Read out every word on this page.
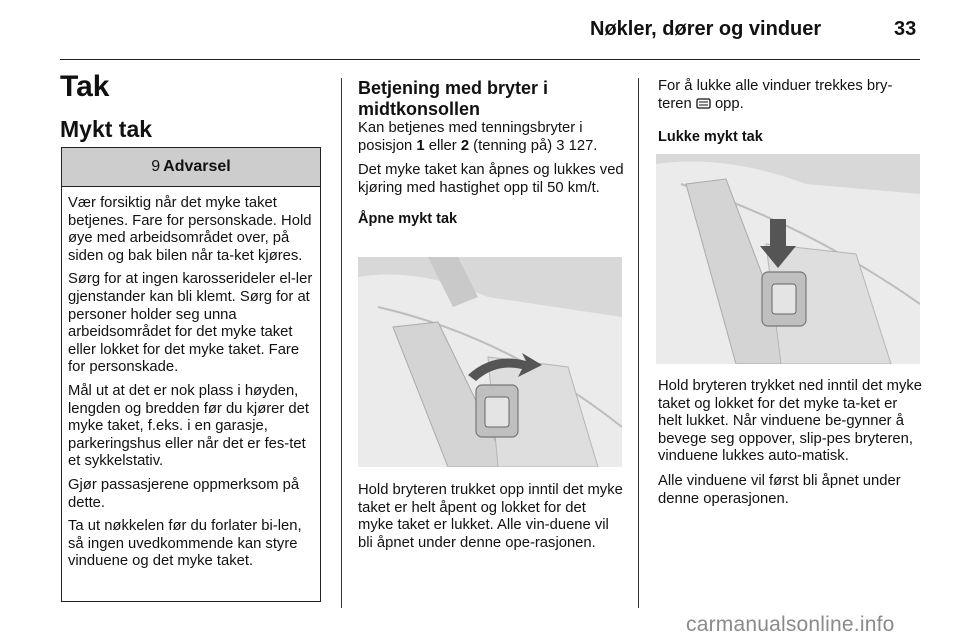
Nøkler, dører og vinduer	33
Tak
Mykt tak
9 Advarsel

Vær forsiktig når det myke taket betjenes. Fare for personskade. Hold øye med arbeidsområdet over, på siden og bak bilen når ta-ket kjøres.

Sørg for at ingen karosserideler el-ler gjenstander kan bli klemt. Sørg for at personer holder seg unna arbeidsområdet for det myke taket eller lokket for det myke taket. Fare for personskade.

Mål ut at det er nok plass i høyden, lengden og bredden før du kjører det myke taket, f.eks. i en garasje, parkeringshus eller når det er fes-tet et sykkelstativ.

Gjør passasjerene oppmerksom på dette.

Ta ut nøkkelen før du forlater bi-len, så ingen uvedkommende kan styre vinduene og det myke taket.

Betjening med bryter i midtkonsollen

Kan betjenes med tenningsbryter i posisjon 1 eller 2 (tenning på) 3 127.

Det myke taket kan åpnes og lukkes ved kjøring med hastighet opp til 50 km/t.

Åpne mykt tak

Hold bryteren trukket opp inntil det myke taket er helt åpent og lokket for det myke taket er lukket. Alle vin-duene vil bli åpnet under denne ope-rasjonen.

For å lukke alle vinduer trekkes bry-teren  opp.

Lukke mykt tak

Hold bryteren trykket ned inntil det myke taket og lokket for det myke ta-ket er helt lukket. Når vinduene be-gynner å bevege seg oppover, slip-pes bryteren, vinduene lukkes auto-matisk.

Alle vinduene vil først bli åpnet under denne operasjonen.

carmanualsonline.info
